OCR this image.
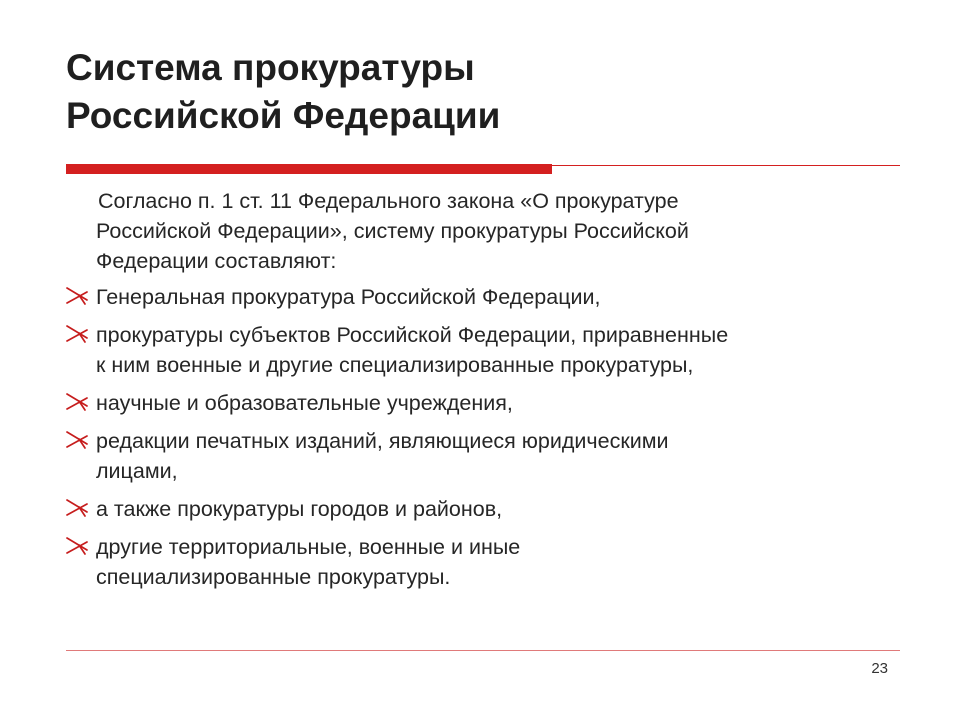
Система прокуратуры
Российской Федерации
Согласно п. 1 ст. 11 Федерального закона «О прокуратуре
Российской Федерации», систему прокуратуры Российской
Федерации составляют:
Генеральная прокуратура Российской Федерации,
прокуратуры субъектов Российской Федерации, приравненные
к ним военные и другие специализированные прокуратуры,
научные и образовательные учреждения,
редакции печатных изданий, являющиеся юридическими
лицами,
а также прокуратуры городов и районов,
другие территориальные, военные и иные
специализированные прокуратуры.
23
